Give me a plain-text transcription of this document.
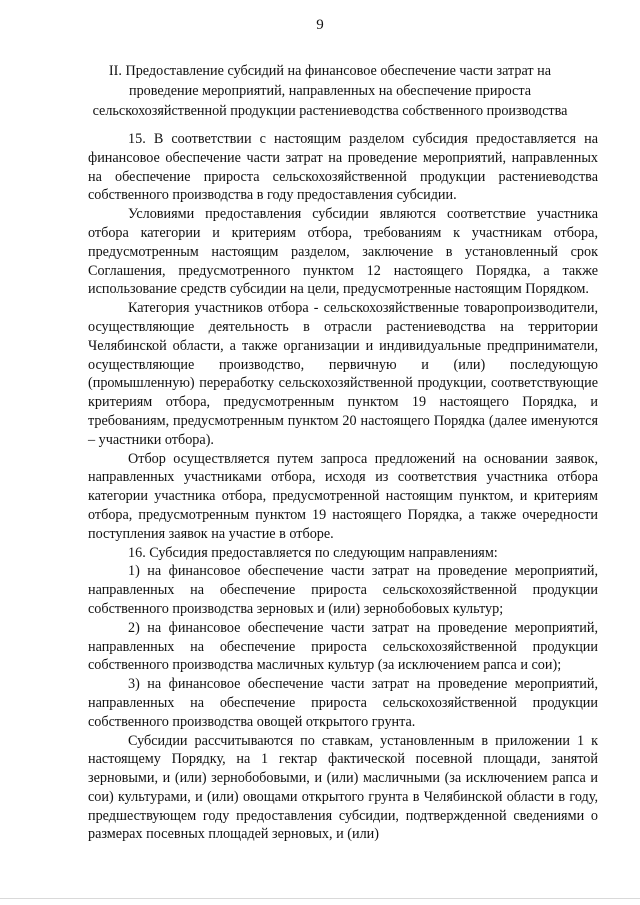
9
II. Предоставление субсидий на финансовое обеспечение части затрат на
проведение мероприятий, направленных на обеспечение прироста
сельскохозяйственной продукции растениеводства собственного производства

15. В соответствии с настоящим разделом субсидия предоставляется на финансовое обеспечение части затрат на проведение мероприятий, направленных на обеспечение прироста сельскохозяйственной продукции растениеводства собственного производства в году предоставления субсидии.

Условиями предоставления субсидии являются соответствие участника отбора категории и критериям отбора, требованиям к участникам отбора, предусмотренным настоящим разделом, заключение в установленный срок Соглашения, предусмотренного пунктом 12 настоящего Порядка, а также использование средств субсидии на цели, предусмотренные настоящим Порядком.

Категория участников отбора - сельскохозяйственные товаропроизводители, осуществляющие деятельность в отрасли растениеводства на территории Челябинской области, а также организации и индивидуальные предприниматели, осуществляющие производство, первичную и (или) последующую (промышленную) переработку сельскохозяйственной продукции, соответствующие критериям отбора, предусмотренным пунктом 19 настоящего Порядка, и требованиям, предусмотренным пунктом 20 настоящего Порядка (далее именуются – участники отбора).

Отбор осуществляется путем запроса предложений на основании заявок, направленных участниками отбора, исходя из соответствия участника отбора категории участника отбора, предусмотренной настоящим пунктом, и критериям отбора, предусмотренным пунктом 19 настоящего Порядка, а также очередности поступления заявок на участие в отборе.

16. Субсидия предоставляется по следующим направлениям:

1) на финансовое обеспечение части затрат на проведение мероприятий, направленных на обеспечение прироста сельскохозяйственной продукции собственного производства зерновых и (или) зернобобовых культур;

2) на финансовое обеспечение части затрат на проведение мероприятий, направленных на обеспечение прироста сельскохозяйственной продукции собственного производства масличных культур (за исключением рапса и сои);

3) на финансовое обеспечение части затрат на проведение мероприятий, направленных на обеспечение прироста сельскохозяйственной продукции собственного производства овощей открытого грунта.

Субсидии рассчитываются по ставкам, установленным в приложении 1 к настоящему Порядку, на 1 гектар фактической посевной площади, занятой зерновыми, и (или) зернобобовыми, и (или) масличными (за исключением рапса и сои) культурами, и (или) овощами открытого грунта в Челябинской области в году, предшествующем году предоставления субсидии, подтвержденной сведениями о размерах посевных площадей зерновых, и (или)
